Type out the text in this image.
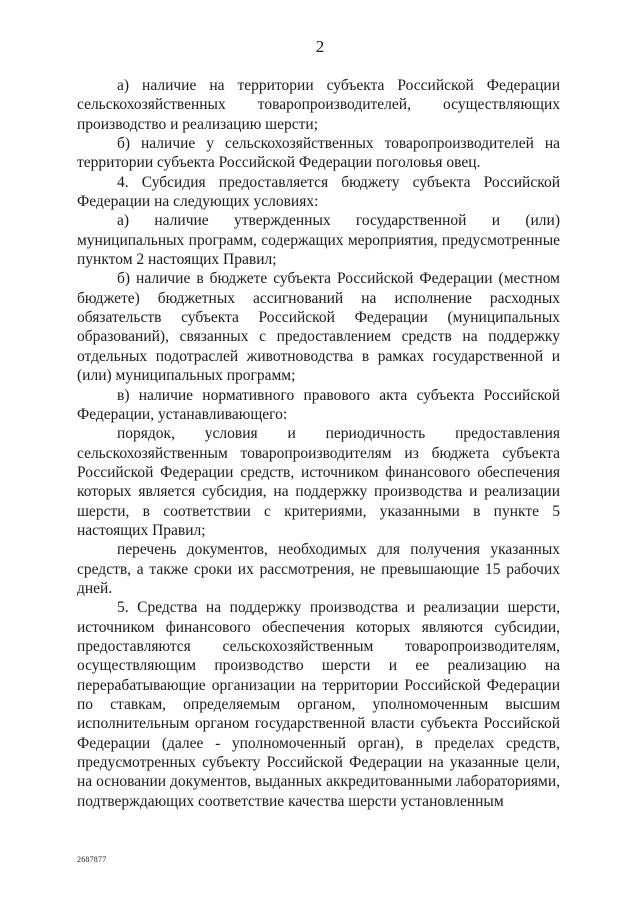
2

а) наличие на территории субъекта Российской Федерации сельскохозяйственных товаропроизводителей, осуществляющих производство и реализацию шерсти;

б) наличие у сельскохозяйственных товаропроизводителей на территории субъекта Российской Федерации поголовья овец.

4. Субсидия предоставляется бюджету субъекта Российской Федерации на следующих условиях:

а) наличие утвержденных государственной и (или) муниципальных программ, содержащих мероприятия, предусмотренные пунктом 2 настоящих Правил;

б) наличие в бюджете субъекта Российской Федерации (местном бюджете) бюджетных ассигнований на исполнение расходных обязательств субъекта Российской Федерации (муниципальных образований), связанных с предоставлением средств на поддержку отдельных подотраслей животноводства в рамках государственной и (или) муниципальных программ;

в) наличие нормативного правового акта субъекта Российской Федерации, устанавливающего:

порядок, условия и периодичность предоставления сельскохозяйственным товаропроизводителям из бюджета субъекта Российской Федерации средств, источником финансового обеспечения которых является субсидия, на поддержку производства и реализации шерсти, в соответствии с критериями, указанными в пункте 5 настоящих Правил;

перечень документов, необходимых для получения указанных средств, а также сроки их рассмотрения, не превышающие 15 рабочих дней.

5. Средства на поддержку производства и реализации шерсти, источником финансового обеспечения которых являются субсидии, предоставляются сельскохозяйственным товаропроизводителям, осуществляющим производство шерсти и ее реализацию на перерабатывающие организации на территории Российской Федерации по ставкам, определяемым органом, уполномоченным высшим исполнительным органом государственной власти субъекта Российской Федерации (далее - уполномоченный орган), в пределах средств, предусмотренных субъекту Российской Федерации на указанные цели, на основании документов, выданных аккредитованными лабораториями, подтверждающих соответствие качества шерсти установленным

2687877
